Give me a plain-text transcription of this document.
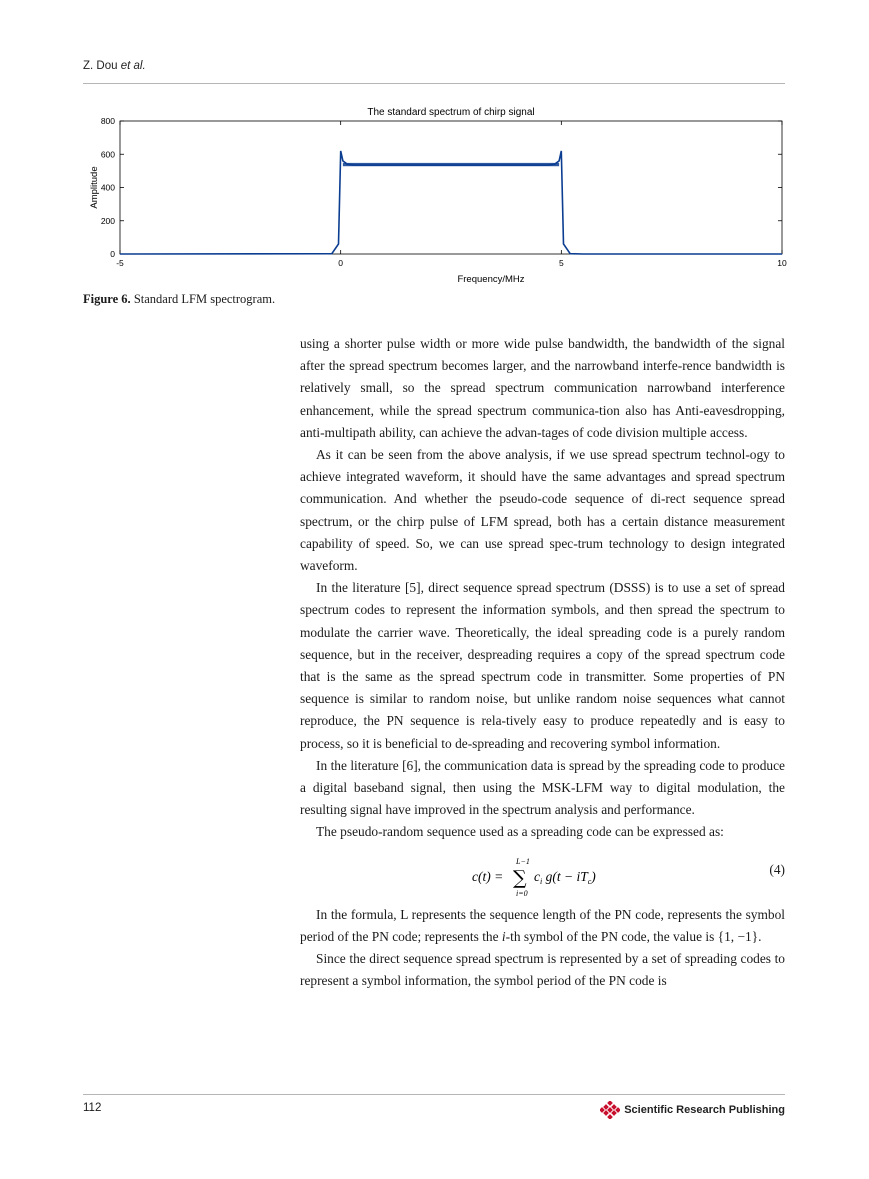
Z. Dou et al.
The standard spectrum of chirp signal
-5	0	5	10
0
200
400
600
800
Frequency/MHz
Amplitude
Figure 6. Standard LFM spectrogram.

using a shorter pulse width or more wide pulse bandwidth, the bandwidth of the signal after the spread spectrum becomes larger, and the narrowband interfe-rence bandwidth is relatively small, so the spread spectrum communication narrowband interference enhancement, while the spread spectrum communica-tion also has Anti-eavesdropping, anti-multipath ability, can achieve the advan-tages of code division multiple access.

As it can be seen from the above analysis, if we use spread spectrum technol-ogy to achieve integrated waveform, it should have the same advantages and spread spectrum communication. And whether the pseudo-code sequence of di-rect sequence spread spectrum, or the chirp pulse of LFM spread, both has a certain distance measurement capability of speed. So, we can use spread spec-trum technology to design integrated waveform.

In the literature [5], direct sequence spread spectrum (DSSS) is to use a set of spread spectrum codes to represent the information symbols, and then spread the spectrum to modulate the carrier wave. Theoretically, the ideal spreading code is a purely random sequence, but in the receiver, despreading requires a copy of the spread spectrum code that is the same as the spread spectrum code in transmitter. Some properties of PN sequence is similar to random noise, but unlike random noise sequences what cannot reproduce, the PN sequence is rela-tively easy to produce repeatedly and is easy to process, so it is beneficial to de-spreading and recovering symbol information.

In the literature [6], the communication data is spread by the spreading code to produce a digital baseband signal, then using the MSK-LFM way to digital modulation, the resulting signal have improved in the spectrum analysis and performance.

The pseudo-random sequence used as a spreading code can be expressed as:

c(t) =
L−1
∑
i=0
$c_i$ $g(t - iT_c)$	(4)

In the formula, L represents the sequence length of the PN code, represents the symbol period of the PN code; represents the i-th symbol of the PN code, the value is {1, −1}.

Since the direct sequence spread spectrum is represented by a set of spreading codes to represent a symbol information, the symbol period of the PN code is

112	Scientific Research Publishing
